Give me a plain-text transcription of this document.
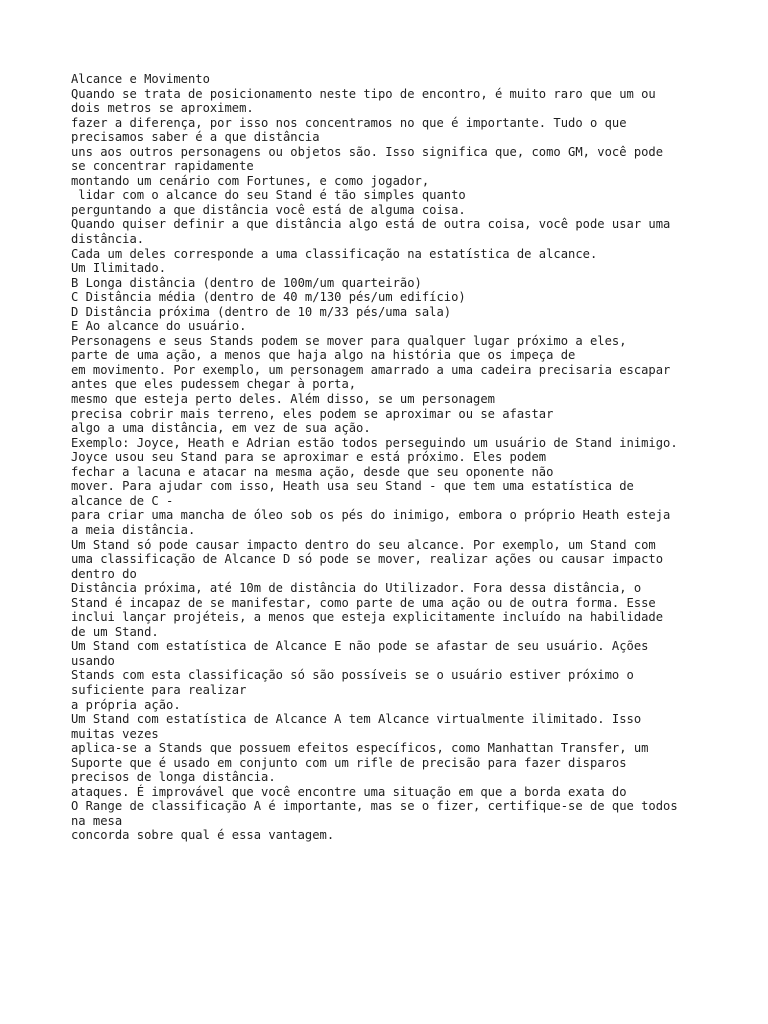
Alcance e Movimento
Quando se trata de posicionamento neste tipo de encontro, é muito raro que um ou
dois metros se aproximem.
fazer a diferença, por isso nos concentramos no que é importante. Tudo o que
precisamos saber é a que distância
uns aos outros personagens ou objetos são. Isso significa que, como GM, você pode
se concentrar rapidamente
montando um cenário com Fortunes, e como jogador,
lidar com o alcance do seu Stand é tão simples quanto
perguntando a que distância você está de alguma coisa.
Quando quiser definir a que distância algo está de outra coisa, você pode usar uma
distância.
Cada um deles corresponde a uma classificação na estatística de alcance.
Um Ilimitado.
B Longa distância (dentro de 100m/um quarteirão)
C Distância média (dentro de 40 m/130 pés/um edifício)
D Distância próxima (dentro de 10 m/33 pés/uma sala)
E Ao alcance do usuário.
Personagens e seus Stands podem se mover para qualquer lugar próximo a eles,
parte de uma ação, a menos que haja algo na história que os impeça de
em movimento. Por exemplo, um personagem amarrado a uma cadeira precisaria escapar
antes que eles pudessem chegar à porta,
mesmo que esteja perto deles. Além disso, se um personagem
precisa cobrir mais terreno, eles podem se aproximar ou se afastar
algo a uma distância, em vez de sua ação.
Exemplo: Joyce, Heath e Adrian estão todos perseguindo um usuário de Stand inimigo.
Joyce usou seu Stand para se aproximar e está próximo. Eles podem
fechar a lacuna e atacar na mesma ação, desde que seu oponente não
mover. Para ajudar com isso, Heath usa seu Stand - que tem uma estatística de
alcance de C -
para criar uma mancha de óleo sob os pés do inimigo, embora o próprio Heath esteja
a meia distância.
Um Stand só pode causar impacto dentro do seu alcance. Por exemplo, um Stand com
uma classificação de Alcance D só pode se mover, realizar ações ou causar impacto
dentro do
Distância próxima, até 10m de distância do Utilizador. Fora dessa distância, o
Stand é incapaz de se manifestar, como parte de uma ação ou de outra forma. Esse
inclui lançar projéteis, a menos que esteja explicitamente incluído na habilidade
de um Stand.
Um Stand com estatística de Alcance E não pode se afastar de seu usuário. Ações
usando
Stands com esta classificação só são possíveis se o usuário estiver próximo o
suficiente para realizar
a própria ação.
Um Stand com estatística de Alcance A tem Alcance virtualmente ilimitado. Isso
muitas vezes
aplica-se a Stands que possuem efeitos específicos, como Manhattan Transfer, um
Suporte que é usado em conjunto com um rifle de precisão para fazer disparos
precisos de longa distância.
ataques. É improvável que você encontre uma situação em que a borda exata do
O Range de classificação A é importante, mas se o fizer, certifique-se de que todos
na mesa
concorda sobre qual é essa vantagem.
